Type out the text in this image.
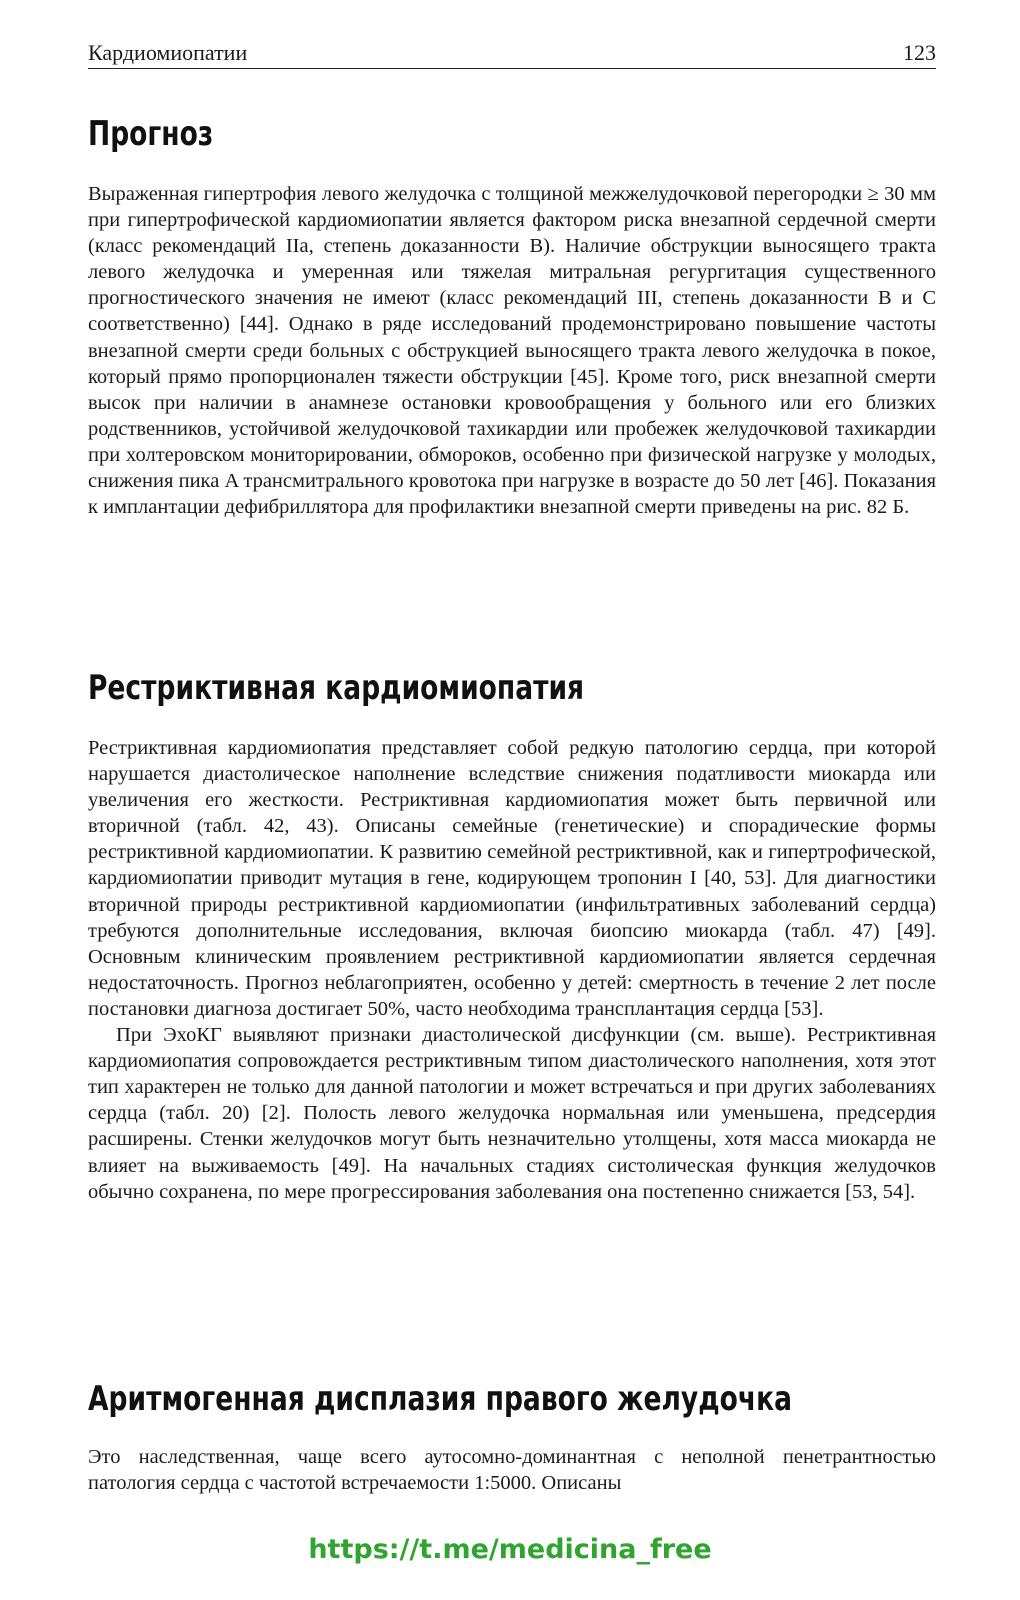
Кардиомиопатии	123
Прогноз

Выраженная гипертрофия левого желудочка с толщиной межжелудочковой перегородки ≥ 30 мм при гипертрофической кардиомиопатии является фактором риска внезапной сердечной смерти (класс рекомендаций IIa, степень доказанности B). Наличие обструкции выносящего тракта левого желудочка и умеренная или тяжелая митральная регургитация существенного прогностического значения не имеют (класс рекомендаций III, степень доказанности B и C соответственно) [44]. Однако в ряде исследований продемонстрировано повышение частоты внезапной смерти среди больных с обструкцией выносящего тракта левого желудочка в покое, который прямо пропорционален тяжести обструкции [45]. Кроме того, риск внезапной смерти высок при наличии в анамнезе остановки кровообращения у больного или его близких родственников, устойчивой желудочковой тахикардии или пробежек желудочковой тахикардии при холтеровском мониторировании, обмороков, особенно при физической нагрузке у молодых, снижения пика A трансмитрального кровотока при нагрузке в возрасте до 50 лет [46]. Показания к имплантации дефибриллятора для профилактики внезапной смерти приведены на рис. 82 Б.

Рестриктивная кардиомиопатия

Рестриктивная кардиомиопатия представляет собой редкую патологию сердца, при которой нарушается диастолическое наполнение вследствие снижения податливости миокарда или увеличения его жесткости. Рестриктивная кардиомиопатия может быть первичной или вторичной (табл. 42, 43). Описаны семейные (генетические) и спорадические формы рестриктивной кардиомиопатии. К развитию семейной рестриктивной, как и гипертрофической, кардиомиопатии приводит мутация в гене, кодирующем тропонин I [40, 53]. Для диагностики вторичной природы рестриктивной кардиомиопатии (инфильтративных заболеваний сердца) требуются дополнительные исследования, включая биопсию миокарда (табл. 47) [49]. Основным клиническим проявлением рестриктивной кардиомиопатии является сердечная недостаточность. Прогноз неблагоприятен, особенно у детей: смертность в течение 2 лет после постановки диагноза достигает 50%, часто необходима трансплантация сердца [53].

При ЭхоКГ выявляют признаки диастолической дисфункции (см. выше). Рестриктивная кардиомиопатия сопровождается рестриктивным типом диастолического наполнения, хотя этот тип характерен не только для данной патологии и может встречаться и при других заболеваниях сердца (табл. 20) [2]. Полость левого желудочка нормальная или уменьшена, предсердия расширены. Стенки желудочков могут быть незначительно утолщены, хотя масса миокарда не влияет на выживаемость [49]. На начальных стадиях систолическая функция желудочков обычно сохранена, по мере прогрессирования заболевания она постепенно снижается [53, 54].

Аритмогенная дисплазия правого желудочка

Это наследственная, чаще всего аутосомно-доминантная с неполной пенетрантностью патология сердца с частотой встречаемости 1:5000. Описаны

https://t.me/medicina_free
